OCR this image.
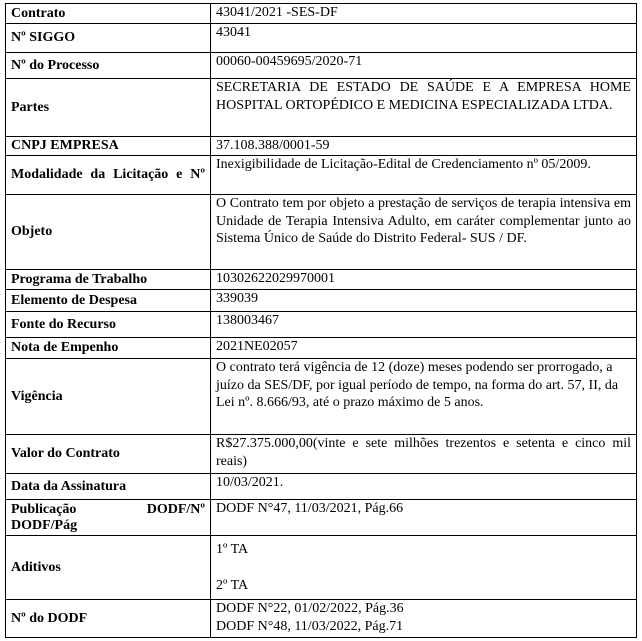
Contrato	43041/2021 -SES-DF
Nº SIGGO	43041
Nº do Processo	00060-00459695/2020-71
Partes	SECRETARIA DE ESTADO DE SAÚDE E A EMPRESA HOME HOSPITAL ORTOPÉDICO E MEDICINA ESPECIALIZADA LTDA.
CNPJ EMPRESA	37.108.388/0001-59

Modalidade da Licitação e Nº	Inexigibilidade de Licitação-Edital de Credenciamento nº 05/2009.
Objeto	O Contrato tem por objeto a prestação de serviços de terapia intensiva em Unidade de Terapia Intensiva Adulto, em caráter complementar junto ao Sistema Único de Saúde do Distrito Federal- SUS / DF.
Programa de Trabalho	10302622029970001
Elemento de Despesa	339039
Fonte do Recurso	138003467
Nota de Empenho	2021NE02057
Vigência	O contrato terá vigência de 12 (doze) meses podendo ser prorrogado, a juízo da SES/DF, por igual período de tempo, na forma do art. 57, II, da Lei nº. 8.666/93, até o prazo máximo de 5 anos.
Valor do Contrato	R$27.375.000,00(vinte e sete milhões trezentos e setenta e cinco mil reais)
Data da Assinatura	10/03/2021.

Publicação DODF/Nº
DODF/Pág	DODF N°47, 11/03/2021, Pág.66
Aditivos	1º TA
2º TA

Nº do DODF	DODF N°22, 01/02/2022, Pág.36
DODF N°48, 11/03/2022, Pág.71
